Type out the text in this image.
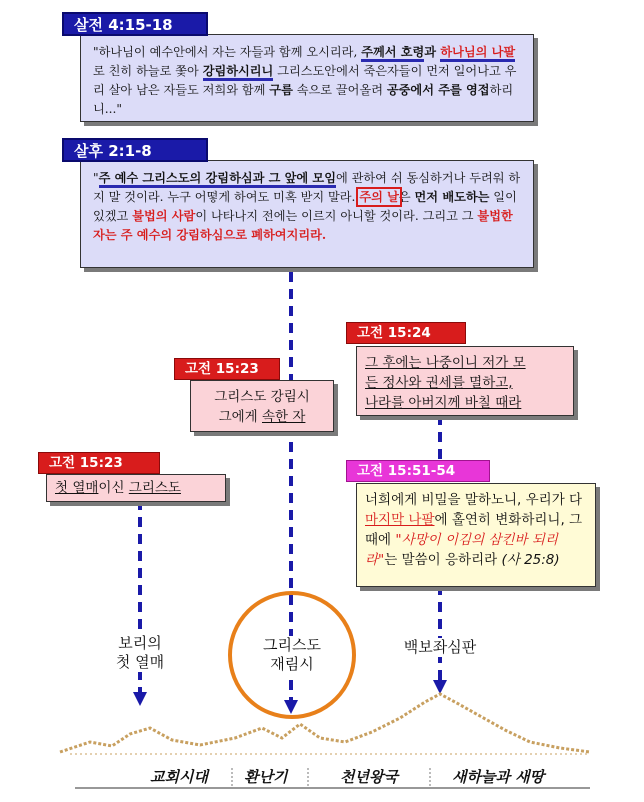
"하나님이 예수안에서 자는 자들과 함께 오시리라, 주께서 호령과 하나님의 나팔로 친히 하늘로 쫓아 강림하시리니 그리스도안에서 죽은자들이 먼저 일어나고 우리 살아 남은 자들도 저희와 함께 구름 속으로 끌어올려 공중에서 주를 영접하리니..."
살전 4:15-18
"주 예수 그리스도의 강림하심과 그 앞에 모임에 관하여 쉬 동심하거나 두려워 하지 말 것이라. 누구 어떻게 하여도 미혹 받지 말라. 주의 날은 먼저 배도하는 일이 있겠고 불법의 사람이 나타나지 전에는 이르지 아니할 것이라. 그리고 그 불법한 자는 주 예수의 강림하심으로 폐하여지리라.
살후 2:1-8
그리스도 강림시
그에게 속한 자
고전 15:23
첫 열매이신 그리스도
고전 15:23
그 후에는 나중이니 저가 모
든 정사와 권세를 멸하고,
나라를 아버지께 바칠 때라
고전 15:24
너희에게 비밀을 말하노니, 우리가 다 마지막 나팔에 홀연히 변화하리니, 그 때에 "사망이 이김의 삼킨바 되리라"는 말씀이 응하리라 (사 25:8)
고전 15:51-54
보리의
첫 열매
그리스도
재림시
백보좌심판
교회시대 환난기	천년왕국	새하늘과 새땅
